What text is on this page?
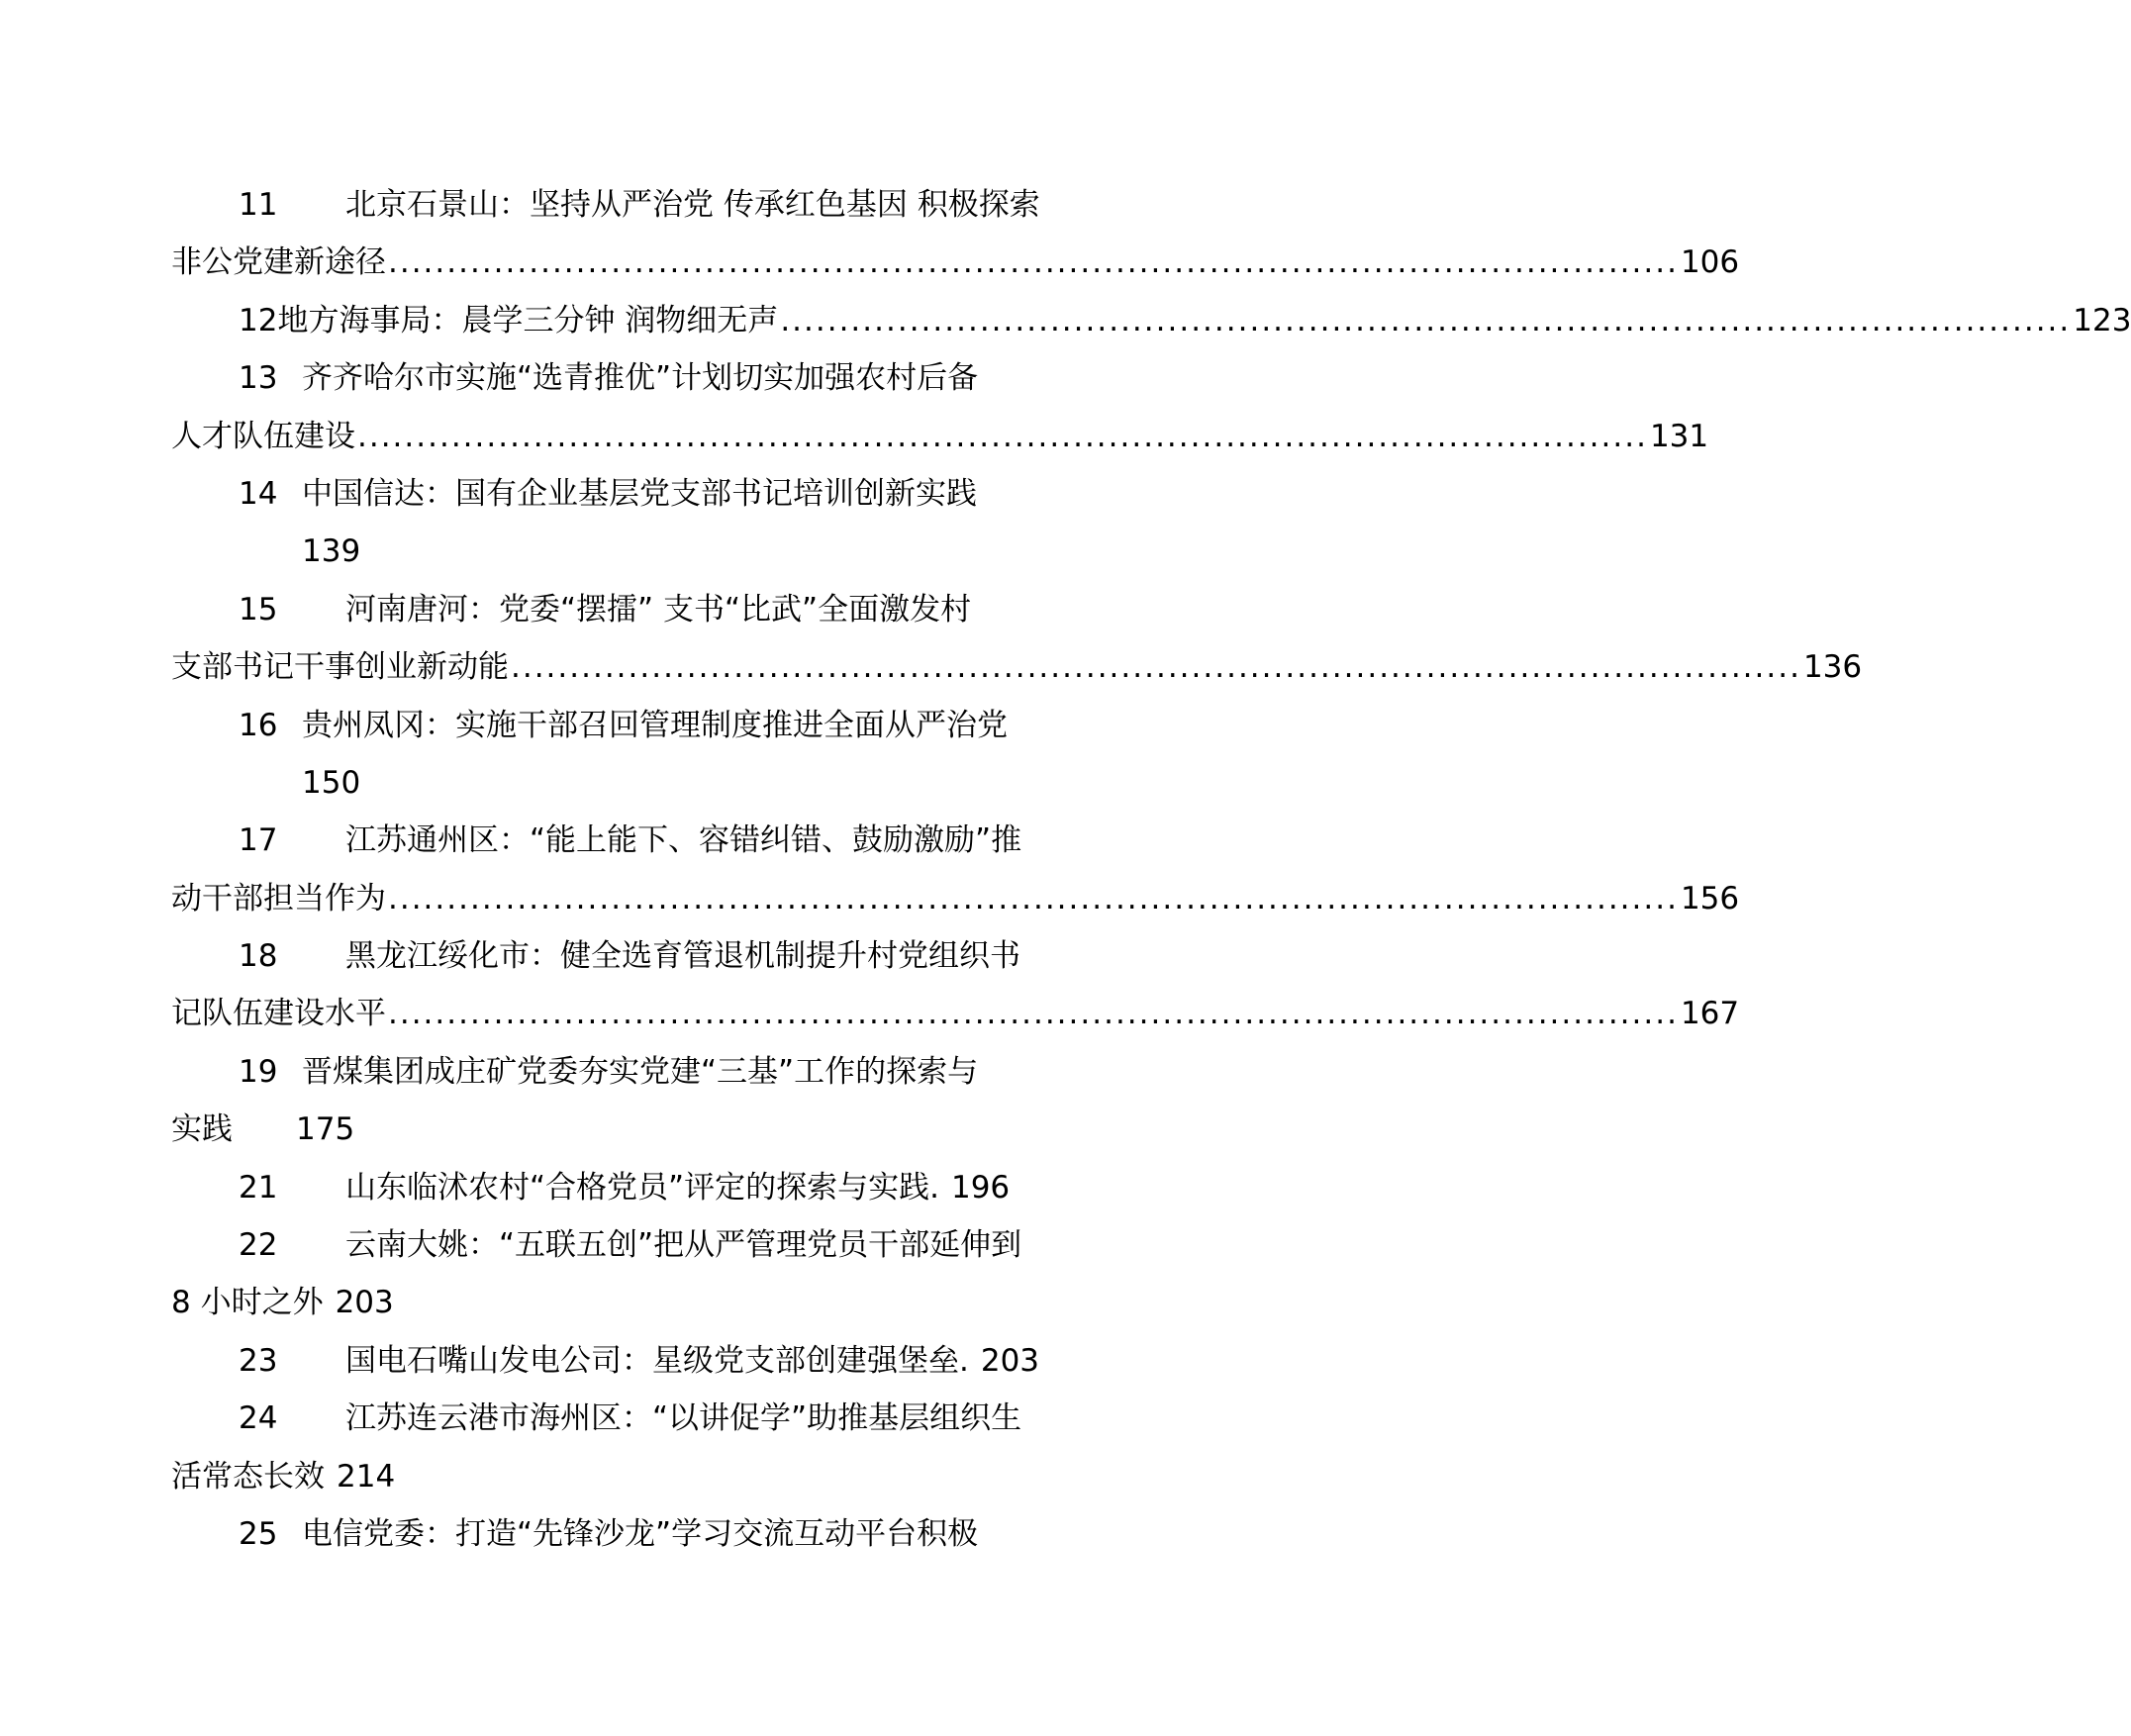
11	北京石景山：坚持从严治党 传承红色基因 积极探索
非公党建新途径 .............................................................................................................. 106
12 地方海事局：晨学三分钟 润物细无声 .............................................................................................................. 123
13 齐齐哈尔市实施“选青推优”计划切实加强农村后备
人才队伍建设 .............................................................................................................. 131
14 中国信达：国有企业基层党支部书记培训创新实践
139
15	河南唐河：党委“摆擂” 支书“比武”全面激发村
支部书记干事创业新动能 .............................................................................................................. 136
16 贵州凤冈：实施干部召回管理制度推进全面从严治党
150
17	江苏通州区：“能上能下、容错纠错、鼓励激励”推
动干部担当作为 .............................................................................................................. 156
18	黑龙江绥化市：健全选育管退机制提升村党组织书
记队伍建设水平 .............................................................................................................. 167
19 晋煤集团成庄矿党委夯实党建“三基”工作的探索与
实践 175
21	山东临沭农村“合格党员”评定的探索与实践. 196
22	云南大姚：“五联五创”把从严管理党员干部延伸到
8 小时之外 203
23	国电石嘴山发电公司：星级党支部创建强堡垒. 203
24	江苏连云港市海州区：“以讲促学”助推基层组织生
活常态长效 214
25 电信党委：打造“先锋沙龙”学习交流互动平台积极
